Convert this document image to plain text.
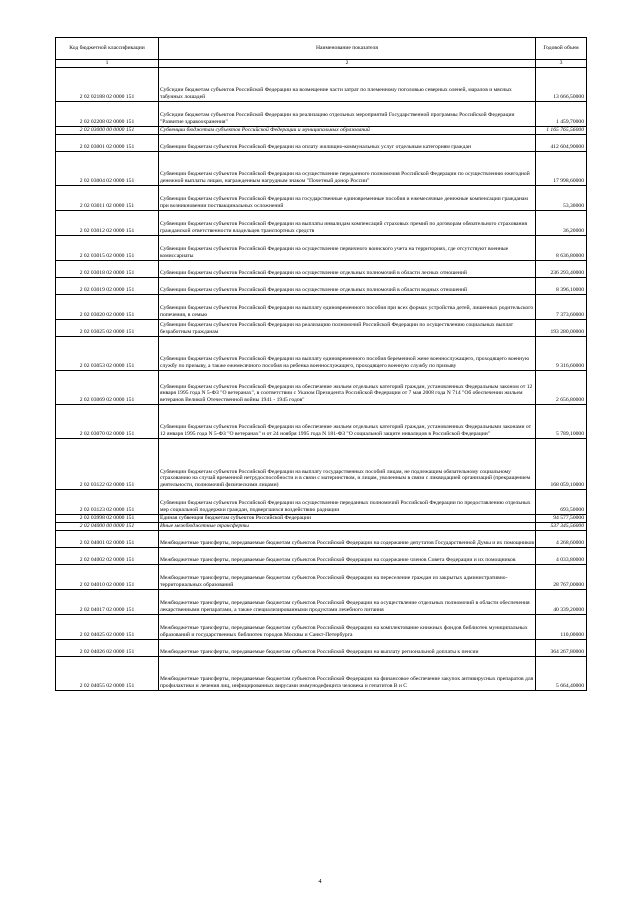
Код бюджетной классификации	Наименование показателя	Годовой объем
1	2	3
2 02 02188 02 0000 151	Субсидии бюджетам субъектов Российской Федерации на возмещение части затрат по племенному поголовью северных оленей, маралов и мясных табунных лошадей	13 666,50000
2 02 02208 02 0000 151	Субсидии бюджетам субъектов Российской Федерации на реализацию отдельных мероприятий Государственной программы Российской Федерации "Развитие здравоохранения"	1 459,70000
2 02 03000 00 0000 151	Субвенции бюджетам субъектов Российской Федерации и муниципальных образований	1 165 765,56000
2 02 03001 02 0000 151	Субвенции бюджетам субъектов Российской Федерации на оплату жилищно-коммунальных услуг отдельным категориям граждан	412 604,90000
2 02 03004 02 0000 151	Субвенции бюджетам субъектов Российской Федерации на осуществление переданного полномочия Российской Федерации по осуществлению ежегодной денежной выплаты лицам, награжденным нагрудным знаком "Почетный донор России"	17 998,60000
2 02 03011 02 0000 151	Субвенции бюджетам субъектов Российской Федерации на государственные единовременные пособия и ежемесячные денежные компенсации гражданам при возникновении поствакцинальных осложнений	53,30000
2 02 03012 02 0000 151	Субвенции бюджетам субъектов Российской Федерации на выплаты инвалидам компенсаций страховых премий по договорам обязательного страхования гражданской ответственности владельцев транспортных средств	36,20000
2 02 03015 02 0000 151	Субвенции бюджетам субъектов Российской Федерации на осуществление первичного воинского учета на территориях, где отсутствуют военные комиссариаты	8 636,80000
2 02 03018 02 0000 151	Субвенции бюджетам субъектов Российской Федерации на осуществление отдельных полномочий в области лесных отношений	236 293,40000
2 02 03019 02 0000 151	Субвенции бюджетам субъектов Российской Федерации на осуществление отдельных полномочий в области водных отношений	8 396,10000
2 02 03020 02 0000 151	Субвенции бюджетам субъектов Российской Федерации на выплату единовременного пособия при всех формах устройства детей, лишенных родительского попечения, в семью	7 373,60000
2 02 03025 02 0000 151	Субвенции бюджетам субъектов Российской Федерации на реализацию полномочий Российской Федерации по осуществлению социальных выплат безработным гражданам	193 280,00000
2 02 03053 02 0000 151	Субвенции бюджетам субъектов Российской Федерации на выплату единовременного пособия беременной жене военнослужащего, проходящего военную службу по призыву, а также ежемесячного пособия на ребенка военнослужащего, проходящего военную службу по призыву	9 316,60000
2 02 03069 02 0000 151	Субвенции бюджетам субъектов Российской Федерации на обеспечение жильем отдельных категорий граждан, установленных Федеральным законом от 12 января 1995 года N 5-ФЗ "О ветеранах", в соответствии с Указом Президента Российской Федерации от 7 мая 2008 года N 714 "Об обеспечении жильем ветеранов Великой Отечественной войны 1941 - 1945 годов"	2 656,80000
2 02 03070 02 0000 151	Субвенции бюджетам субъектов Российской Федерации на обеспечение жильем отдельных категорий граждан, установленных Федеральными законами от 12 января 1995 года N 5-ФЗ "О ветеранах" и от 24 ноября 1995 года N 181-ФЗ "О социальной защите инвалидов в Российской Федерации"	5 789,10000
2 02 03122 02 0000 151	Субвенции бюджетам субъектов Российской Федерации на выплату государственных пособий лицам, не подлежащим обязательному социальному страхованию на случай временной нетрудоспособности и в связи с материнством, и лицам, уволенным в связи с ликвидацией организаций (прекращением деятельности, полномочий физическими лицами)	168 059,10000
2 02 03123 02 0000 151	Субвенции бюджетам субъектов Российской Федерации на осуществление переданных полномочий Российской Федерации по предоставлению отдельных мер социальной поддержки граждан, подвергшихся воздействию радиации	693,50000
2 02 03998 02 0000 151	Единая субвенция бюджетам субъектов Российской Федерации	94 577,50000
2 02 04000 00 0000 151	Иные межбюджетные трансферты	537 345,56000
2 02 04001 02 0000 151	Межбюджетные трансферты, передаваемые бюджетам субъектов Российской Федерации на содержание депутатов Государственной Думы и их помощников	4 268,60000
2 02 04002 02 0000 151	Межбюджетные трансферты, передаваемые бюджетам субъектов Российской Федерации на содержание членов Совета Федерации и их помощников	4 033,80000
2 02 04010 02 0000 151	Межбюджетные трансферты, передаваемые бюджетам субъектов Российской Федерации на переселение граждан из закрытых административно-территориальных образований	28 767,00000
2 02 04017 02 0000 151	Межбюджетные трансферты, передаваемые бюджетам субъектов Российской Федерации на осуществление отдельных полномочий в области обеспечения лекарственными препаратами, а также специализированными продуктами лечебного питания	40 339,20000
2 02 04025 02 0000 151	Межбюджетные трансферты, передаваемые бюджетам субъектов Российской Федерации на комплектование книжных фондов библиотек муниципальных образований и государственных библиотек городов Москвы и Санкт-Петербурга	110,00000
2 02 04026 02 0000 151	Межбюджетные трансферты, передаваемые бюджетам субъектов Российской Федерации на выплату региональной доплаты к пенсии	364 267,80000
2 02 04055 02 0000 151	Межбюджетные трансферты, передаваемые бюджетам субъектов Российской Федерации на финансовое обеспечение закупок антивирусных препаратов для профилактики и лечения лиц, инфицированных вирусами иммунодефицита человека и гепатитов B и C	5 664,40000
4
